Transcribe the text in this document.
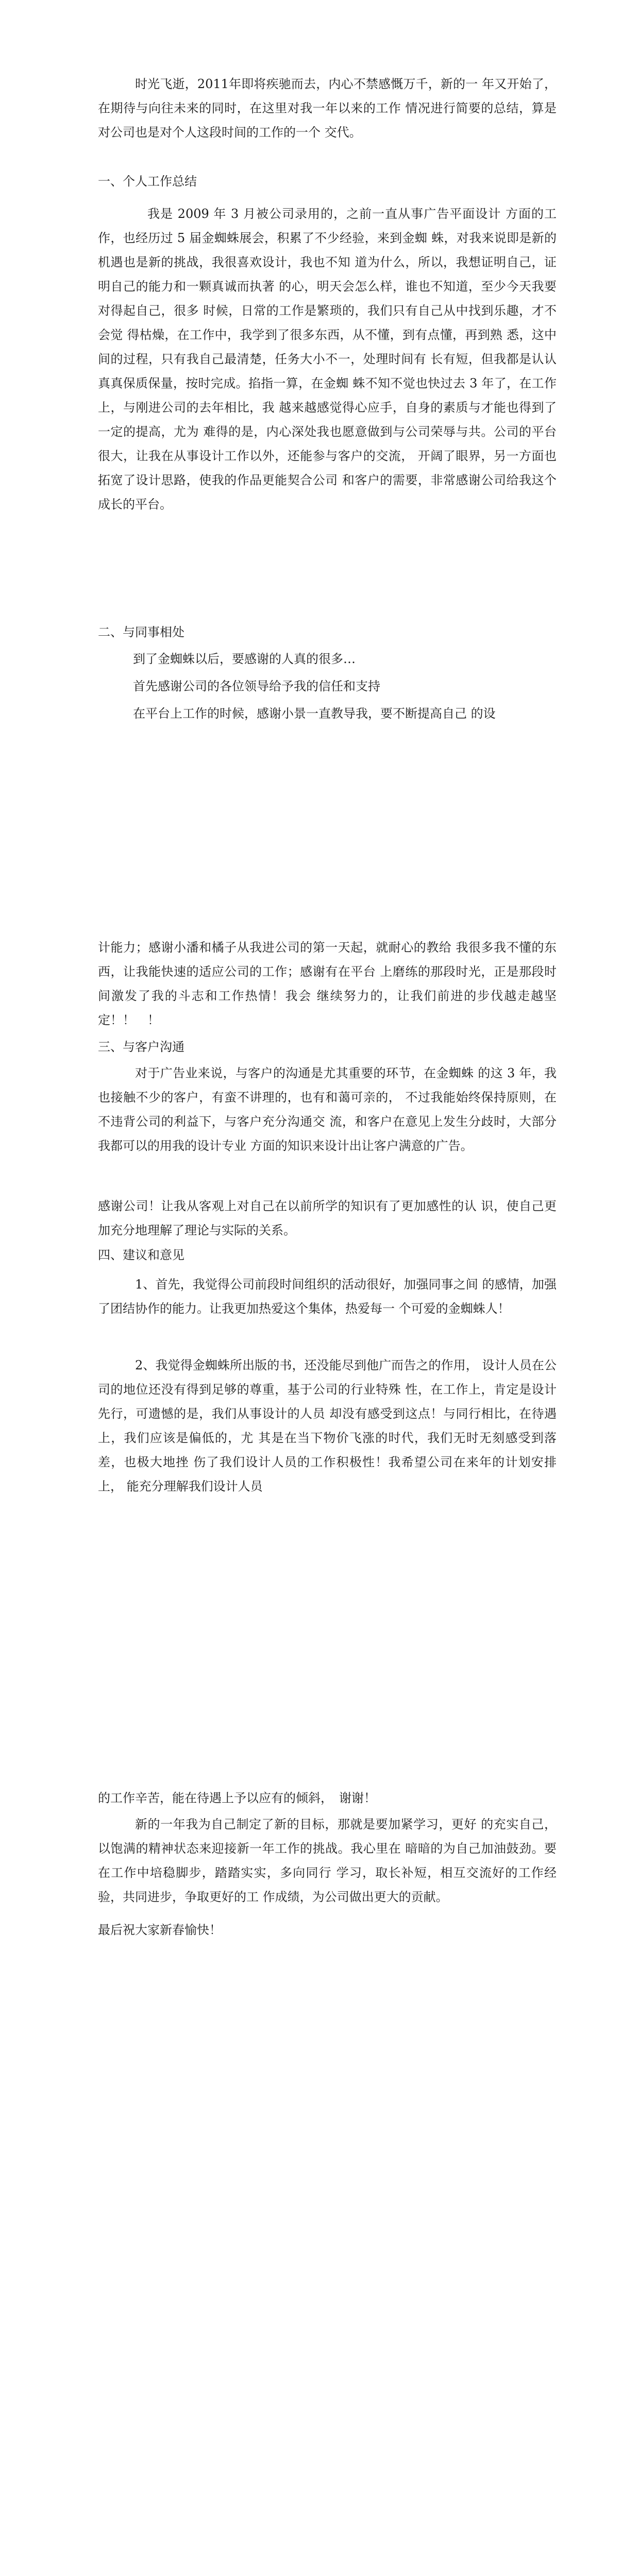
时光飞逝，2011年即将疾驰而去，内心不禁感慨万千，新的一 年又开始了，在期待与向往未来的同时，在这里对我一年以来的工作 情况进行简要的总结，算是对公司也是对个人这段时间的工作的一个 交代。
一、个人工作总结
我是 2009 年 3 月被公司录用的，之前一直从事广告平面设计 方面的工作，也经历过 5 届金蜘蛛展会，积累了不少经验，来到金蜘 蛛，对我来说即是新的机遇也是新的挑战，我很喜欢设计，我也不知 道为什么，所以，我想证明自己，证明自己的能力和一颗真诚而执著 的心，明天会怎么样，谁也不知道，至少今天我要对得起自己，很多 时候，日常的工作是繁琐的，我们只有自己从中找到乐趣，才不会觉 得枯燥，在工作中，我学到了很多东西，从不懂，到有点懂，再到熟 悉，这中间的过程，只有我自己最清楚，任务大小不一，处理时间有 长有短，但我都是认认真真保质保量，按时完成。掐指一算，在金蜘 蛛不知不觉也快过去 3 年了，在工作上，与刚进公司的去年相比，我 越来越感觉得心应手，自身的素质与才能也得到了一定的提高，尤为 难得的是，内心深处我也愿意做到与公司荣辱与共。公司的平台很大，让我在从事设计工作以外，还能参与客户的交流， 开阔了眼界，另一方面也拓宽了设计思路，使我的作品更能契合公司 和客户的需要，非常感谢公司给我这个成长的平台。
二、与同事相处
到了金蜘蛛以后，要感谢的人真的很多…
首先感谢公司的各位领导给予我的信任和支持
在平台上工作的时候，感谢小景一直教导我，要不断提高自己 的设
计能力；感谢小潘和橘子从我进公司的第一天起，就耐心的教给 我很多我不懂的东西，让我能快速的适应公司的工作；感谢有在平台 上磨练的那段时光，正是那段时间激发了我的斗志和工作热情！我会 继续努力的，让我们前进的步伐越走越坚定！！　！
三、与客户沟通
对于广告业来说，与客户的沟通是尤其重要的环节，在金蜘蛛 的这 3 年，我也接触不少的客户，有蛮不讲理的，也有和蔼可亲的， 不过我能始终保持原则，在不违背公司的利益下，与客户充分沟通交 流，和客户在意见上发生分歧时，大部分我都可以的用我的设计专业 方面的知识来设计出让客户满意的广告。
感谢公司！让我从客观上对自己在以前所学的知识有了更加感性的认 识，使自己更加充分地理解了理论与实际的关系。
四、建议和意见
1、首先，我觉得公司前段时间组织的活动很好，加强同事之间 的感情，加强了团结协作的能力。让我更加热爱这个集体，热爱每一 个可爱的金蜘蛛人！
2、我觉得金蜘蛛所出版的书，还没能尽到他广而告之的作用， 设计人员在公司的地位还没有得到足够的尊重，基于公司的行业特殊 性，在工作上，肯定是设计先行，可遗憾的是，我们从事设计的人员 却没有感受到这点！与同行相比，在待遇上，我们应该是偏低的，尤 其是在当下物价飞涨的时代，我们无时无刻感受到落差，也极大地挫 伤了我们设计人员的工作积极性！我希望公司在来年的计划安排上， 能充分理解我们设计人员
的工作辛苦，能在待遇上予以应有的倾斜，　谢谢！
新的一年我为自己制定了新的目标，那就是要加紧学习，更好 的充实自己，以饱满的精神状态来迎接新一年工作的挑战。我心里在 暗暗的为自己加油鼓劲。要在工作中培稳脚步，踏踏实实，多向同行 学习，取长补短，相互交流好的工作经验，共同进步，争取更好的工 作成绩，为公司做出更大的贡献。
最后祝大家新春愉快！
